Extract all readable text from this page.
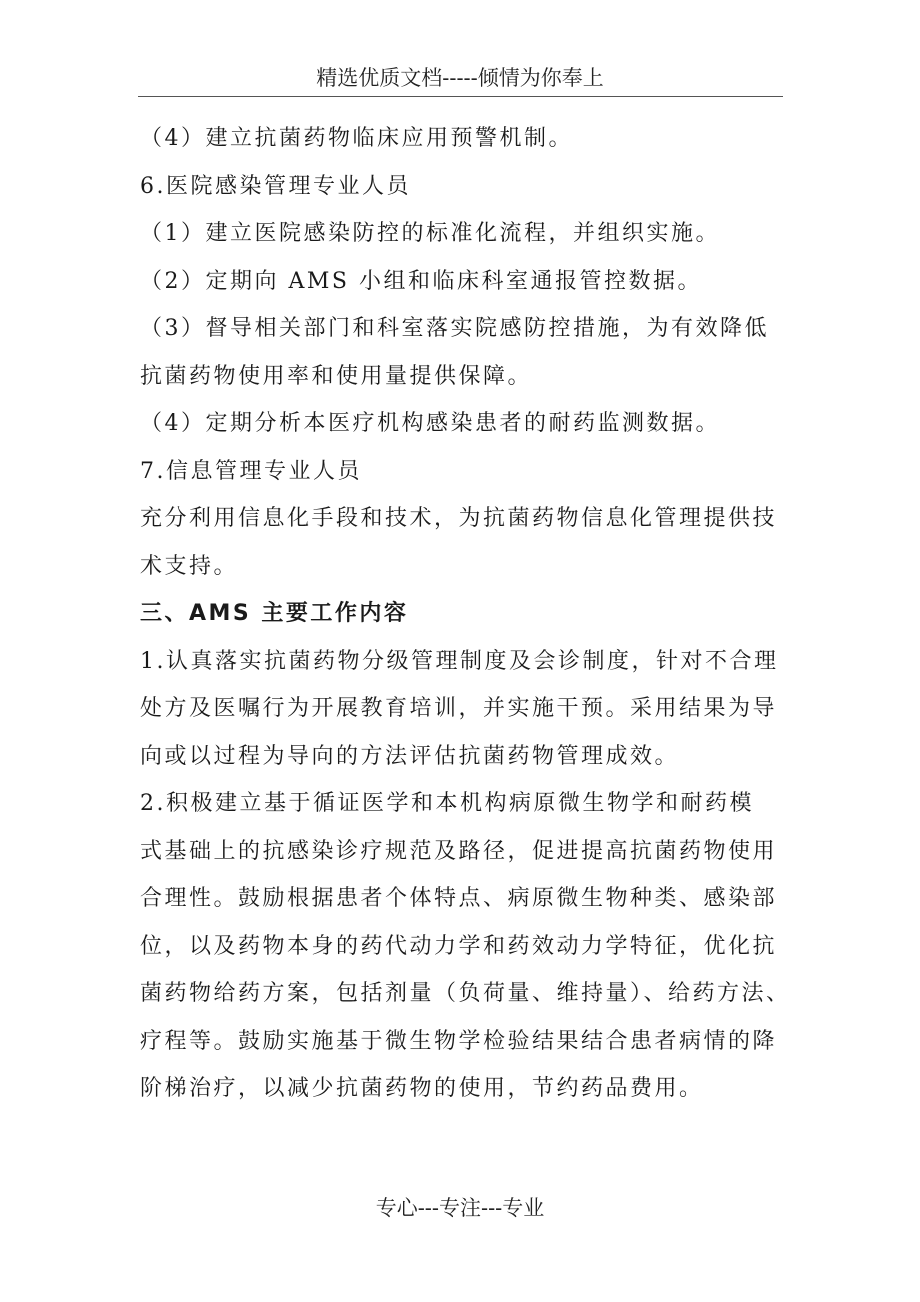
精选优质文档-----倾情为你奉上
（4）建立抗菌药物临床应用预警机制。
6.医院感染管理专业人员
（1）建立医院感染防控的标准化流程，并组织实施。
（2）定期向 AMS 小组和临床科室通报管控数据。
（3）督导相关部门和科室落实院感防控措施，为有效降低
抗菌药物使用率和使用量提供保障。
（4）定期分析本医疗机构感染患者的耐药监测数据。
7.信息管理专业人员
充分利用信息化手段和技术，为抗菌药物信息化管理提供技
术支持。
三、AMS 主要工作内容
1.认真落实抗菌药物分级管理制度及会诊制度，针对不合理
处方及医嘱行为开展教育培训，并实施干预。采用结果为导
向或以过程为导向的方法评估抗菌药物管理成效。
2.积极建立基于循证医学和本机构病原微生物学和耐药模
式基础上的抗感染诊疗规范及路径，促进提高抗菌药物使用
合理性。鼓励根据患者个体特点、病原微生物种类、感染部
位，以及药物本身的药代动力学和药效动力学特征，优化抗
菌药物给药方案，包括剂量（负荷量、维持量）、给药方法、
疗程等。鼓励实施基于微生物学检验结果结合患者病情的降
阶梯治疗，以减少抗菌药物的使用，节约药品费用。
专心---专注---专业
